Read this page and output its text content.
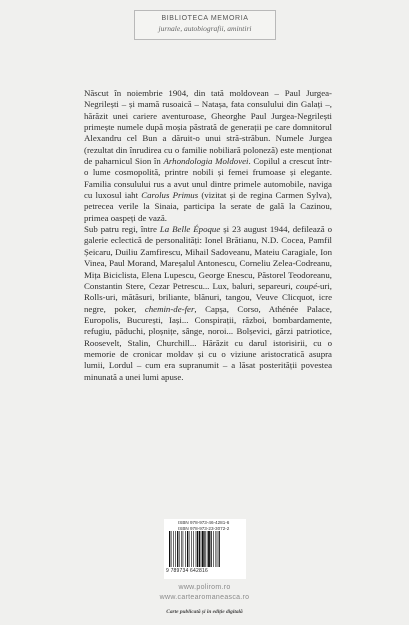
BIBLIOTECA MEMORIA
jurnale, autobiografii, amintiri

Născut în noiembrie 1904, din tată moldovean – Paul Jurgea-Negrilești – și mamă rusoaică – Natașa, fata consulului din Galați –, hărăzit unei cariere aventuroase, Gheorghe Paul Jurgea-Negrilești primește numele după moșia păstrată de generații pe care domnitorul Alexandru cel Bun a dăruit-o unui stră-străbun. Numele Jurgea (rezultat din înrudirea cu o familie nobiliară poloneză) este menționat de paharnicul Sion în Arhondologia Moldovei. Copilul a crescut într-o lume cosmopolită, printre nobili și femei frumoase și elegante. Familia consulului rus a avut unul dintre primele automobile, naviga cu luxosul iaht Carolus Primus (vizitat și de regina Carmen Sylva), petrecea verile la Sinaia, participa la serate de gală la Cazinou, primea oaspeți de vază.

Sub patru regi, între La Belle Époque și 23 august 1944, defilează o galerie eclectică de personalități: Ionel Brătianu, N.D. Cocea, Pamfil Șeicaru, Duiliu Zamfirescu, Mihail Sadoveanu, Mateiu Caragiale, Ion Vinea, Paul Morand, Mareșalul Antonescu, Corneliu Zelea-Codreanu, Mița Biciclista, Elena Lupescu, George Enescu, Păstorel Teodoreanu, Constantin Stere, Cezar Petrescu... Lux, baluri, separeuri, coupé-uri, Rolls-uri, mătăsuri, briliante, blănuri, tangou, Veuve Clicquot, icre negre, poker, chemin-de-fer, Capșa, Corso, Athénée Palace, Europolis, București, Iași... Conspirații, război, bombardamente, refugiu, păduchi, ploșnițe, sânge, noroi... Bolșevici, gărzi patriotice, Roosevelt, Stalin, Churchill... Hărăzit cu darul istorisirii, cu o memorie de cronicar moldav și cu o viziune aristocratică asupra lumii, Lordul – cum era supranumit – a lăsat posterității povestea minunată a unei lumi apuse.

ISBN 978-973-46-4281-6
ISBN 978-973-23-3072-2
9 789734 642816
www.polirom.ro
www.cartearomaneasca.ro
Carte publicată și în ediție digitală
